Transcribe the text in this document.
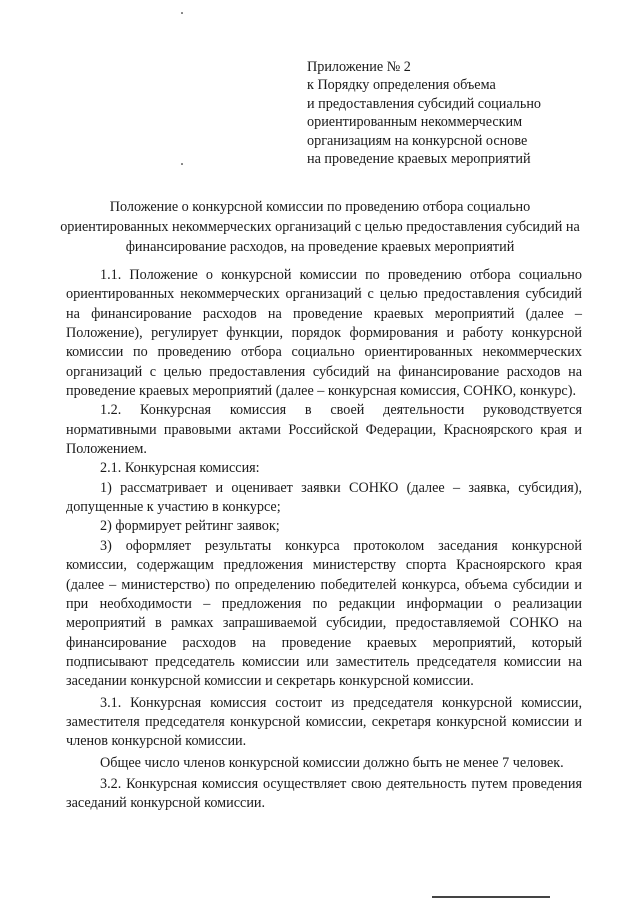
Приложение № 2
к Порядку определения объема
и предоставления субсидий социально
ориентированным некоммерческим
организациям на конкурсной основе
на проведение краевых мероприятий
Положение о конкурсной комиссии по проведению отбора социально ориентированных некоммерческих организаций с целью предоставления субсидий на финансирование расходов, на проведение краевых мероприятий

1.1. Положение о конкурсной комиссии по проведению отбора социально ориентированных некоммерческих организаций с целью предоставления субсидий на финансирование расходов на проведение краевых мероприятий (далее – Положение), регулирует функции, порядок формирования и работу конкурсной комиссии по проведению отбора социально ориентированных некоммерческих организаций с целью предоставления субсидий на финансирование расходов на проведение краевых мероприятий (далее – конкурсная комиссия, СОНКО, конкурс).

1.2. Конкурсная комиссия в своей деятельности руководствуется нормативными правовыми актами Российской Федерации, Красноярского края и Положением.

2.1. Конкурсная комиссия:

1) рассматривает и оценивает заявки СОНКО (далее – заявка, субсидия), допущенные к участию в конкурсе;

2) формирует рейтинг заявок;

3) оформляет результаты конкурса протоколом заседания конкурсной комиссии, содержащим предложения министерству спорта Красноярского края (далее – министерство) по определению победителей конкурса, объема субсидии и при необходимости – предложения по редакции информации о реализации мероприятий в рамках запрашиваемой субсидии, предоставляемой СОНКО на финансирование расходов на проведение краевых мероприятий, который подписывают председатель комиссии или заместитель председателя комиссии на заседании конкурсной комиссии и секретарь конкурсной комиссии.

3.1. Конкурсная комиссия состоит из председателя конкурсной комиссии, заместителя председателя конкурсной комиссии, секретаря конкурсной комиссии и членов конкурсной комиссии.

Общее число членов конкурсной комиссии должно быть не менее 7 человек.

3.2. Конкурсная комиссия осуществляет свою деятельность путем проведения заседаний конкурсной комиссии.
